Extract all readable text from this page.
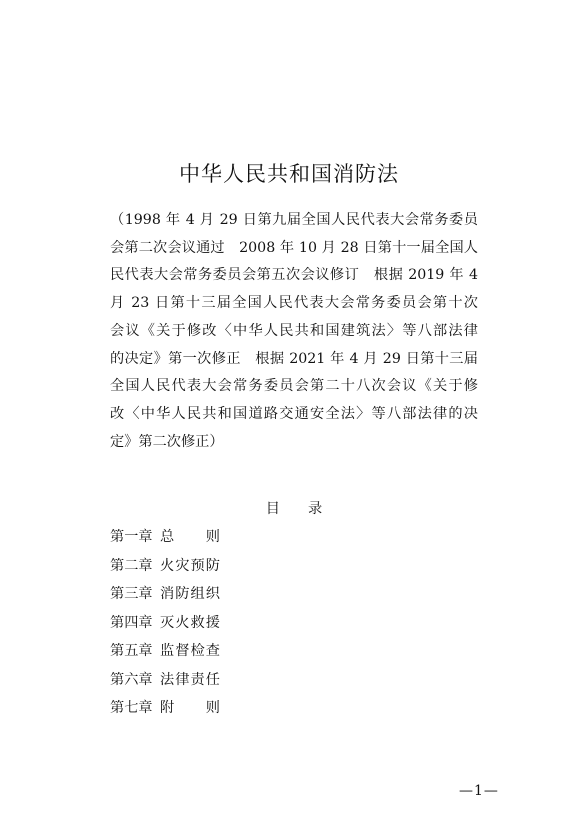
中华人民共和国消防法
（1998 年 4 月 29 日第九届全国人民代表大会常务委员
会第二次会议通过　2008 年 10 月 28 日第十一届全国人
民代表大会常务委员会第五次会议修订　根据 2019 年 4
月 23 日第十三届全国人民代表大会常务委员会第十次
会议《关于修改〈中华人民共和国建筑法〉等八部法律
的决定》第一次修正　根据 2021 年 4 月 29 日第十三届
全国人民代表大会常务委员会第二十八次会议《关于修
改〈中华人民共和国道路交通安全法〉等八部法律的决
定》第二次修正）
目 录
第一章 总　则
第二章 火灾预防
第三章 消防组织
第四章 灭火救援
第五章 监督检查
第六章 法律责任
第七章 附　则
—1—
